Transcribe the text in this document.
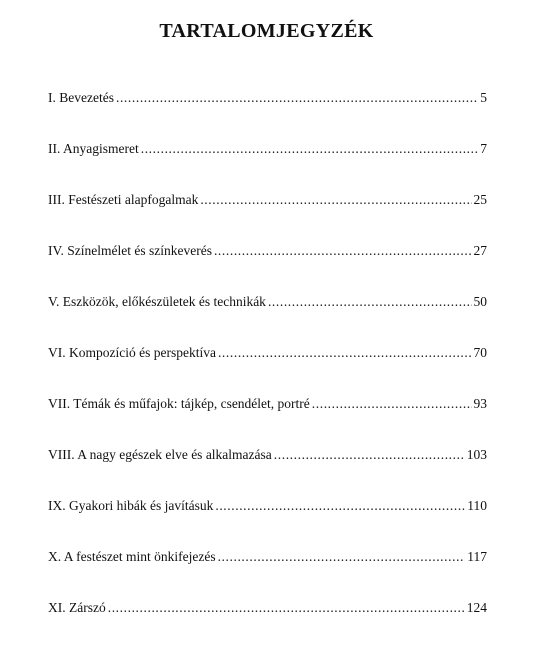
TARTALOMJEGYZÉK
I. Bevezetés .....	5
II. Anyagismeret .....	7
III. Festészeti alapfogalmak .....	25
IV. Színelmélet és színkeverés .....	27
V. Eszközök, előkészületek és technikák .....	50
VI. Kompozíció és perspektíva .....	70
VII. Témák és műfajok: tájkép, csendélet, portré .....	93
VIII. A nagy egészek elve és alkalmazása .....	103
IX. Gyakori hibák és javításuk .....	110
X. A festészet mint önkifejezés .....	117
XI. Zárszó .....	124
